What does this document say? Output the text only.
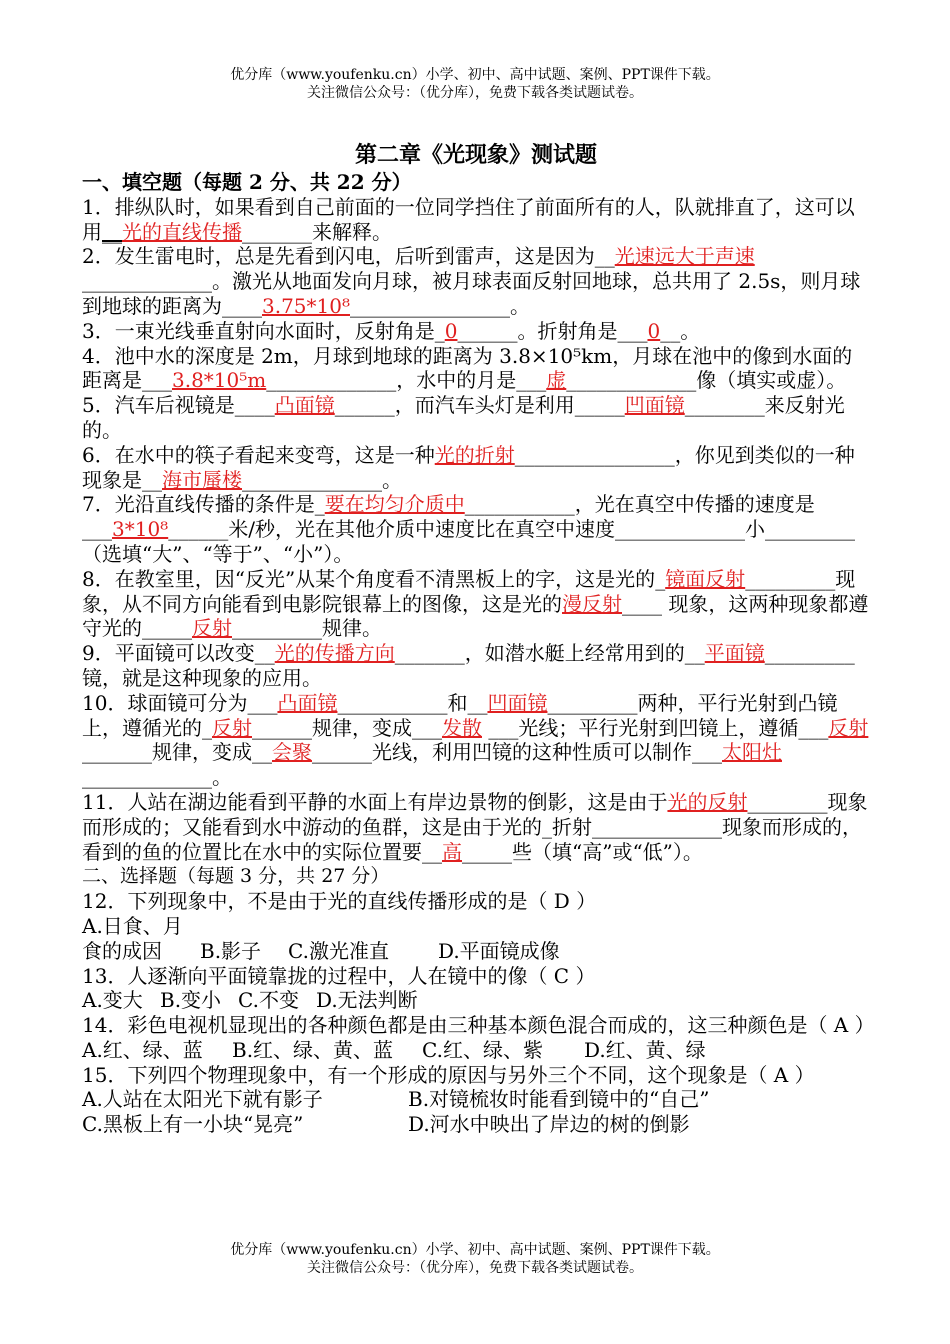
优分库（www.youfenku.cn）小学、初中、高中试题、案例、PPT课件下载。
关注微信公众号：（优分库），免费下载各类试题试卷。

第二章《光现象》测试题

一、填空题（每题 2 分、共 22 分）

1．排纵队时，如果看到自己前面的一位同学挡住了前面所有的人，队就排直了，这可以用__光的直线传播_______来解释。

2．发生雷电时，总是先看到闪电，后听到雷声，这是因为__光速远大于声速_____________。激光从地面发向月球，被月球表面反射回地球，总共用了 2.5s，则月球到地球的距离为____3.75*10⁸________________。

3．一束光线垂直射向水面时，反射角是_0______。折射角是___0__。

4．池中水的深度是 2m，月球到地球的距离为 3.8×10⁵km，月球在池中的像到水面的距离是___3.8*10⁵m_____________，水中的月是___虚_____________像（填实或虚）。

5．汽车后视镜是____凸面镜______，而汽车头灯是利用_____凹面镜________来反射光的。

6．在水中的筷子看起来变弯，这是一种光的折射________________，你见到类似的一种现象是__海市蜃楼______________。

7．光沿直线传播的条件是_要在均匀介质中___________，光在真空中传播的速度是___3*10⁸______米/秒，光在其他介质中速度比在真空中速度_____________小_________（选填“大”、“等于”、“小”）。

8．在教室里，因“反光”从某个角度看不清黑板上的字，这是光的_镜面反射_________现象，从不同方向能看到电影院银幕上的图像，这是光的漫反射____ 现象，这两种现象都遵守光的_____反射_________规律。

9．平面镜可以改变__光的传播方向_______，如潜水艇上经常用到的__平面镜_________镜，就是这种现象的应用。

10．球面镜可分为___凸面镜___________和__凹面镜_________两种，平行光射到凸镜上，遵循光的_反射______规律，变成___发散 ___光线；平行光射到凹镜上，遵循___反射_______规律，变成__会聚______光线，利用凹镜的这种性质可以制作___太阳灶_____________。

11．人站在湖边能看到平静的水面上有岸边景物的倒影，这是由于光的反射________现象而形成的；又能看到水中游动的鱼群，这是由于光的_折射_____________现象而形成的，看到的鱼的位置比在水中的实际位置要__高_____些（填“高”或“低”）。

二、选择题（每题 3 分，共 27 分）

12．下列现象中，不是由于光的直线传播形成的是（ D ）

A.日食、月食的成因 B.影子 C.激光准直 D.平面镜成像

13．人逐渐向平面镜靠拢的过程中，人在镜中的像（ C ）

A.变大 B.变小 C.不变 D.无法判断

14．彩色电视机显现出的各种颜色都是由三种基本颜色混合而成的，这三种颜色是（ A ）

A.红、绿、蓝 B.红、绿、黄、蓝 C.红、绿、紫 D.红、黄、绿

15．下列四个物理现象中，有一个形成的原因与另外三个不同，这个现象是（ A ）

A.人站在太阳光下就有影子	B.对镜梳妆时能看到镜中的“自己”

C.黑板上有一小块“晃亮”	D.河水中映出了岸边的树的倒影

优分库（www.youfenku.cn）小学、初中、高中试题、案例、PPT课件下载。
关注微信公众号：（优分库），免费下载各类试题试卷。
